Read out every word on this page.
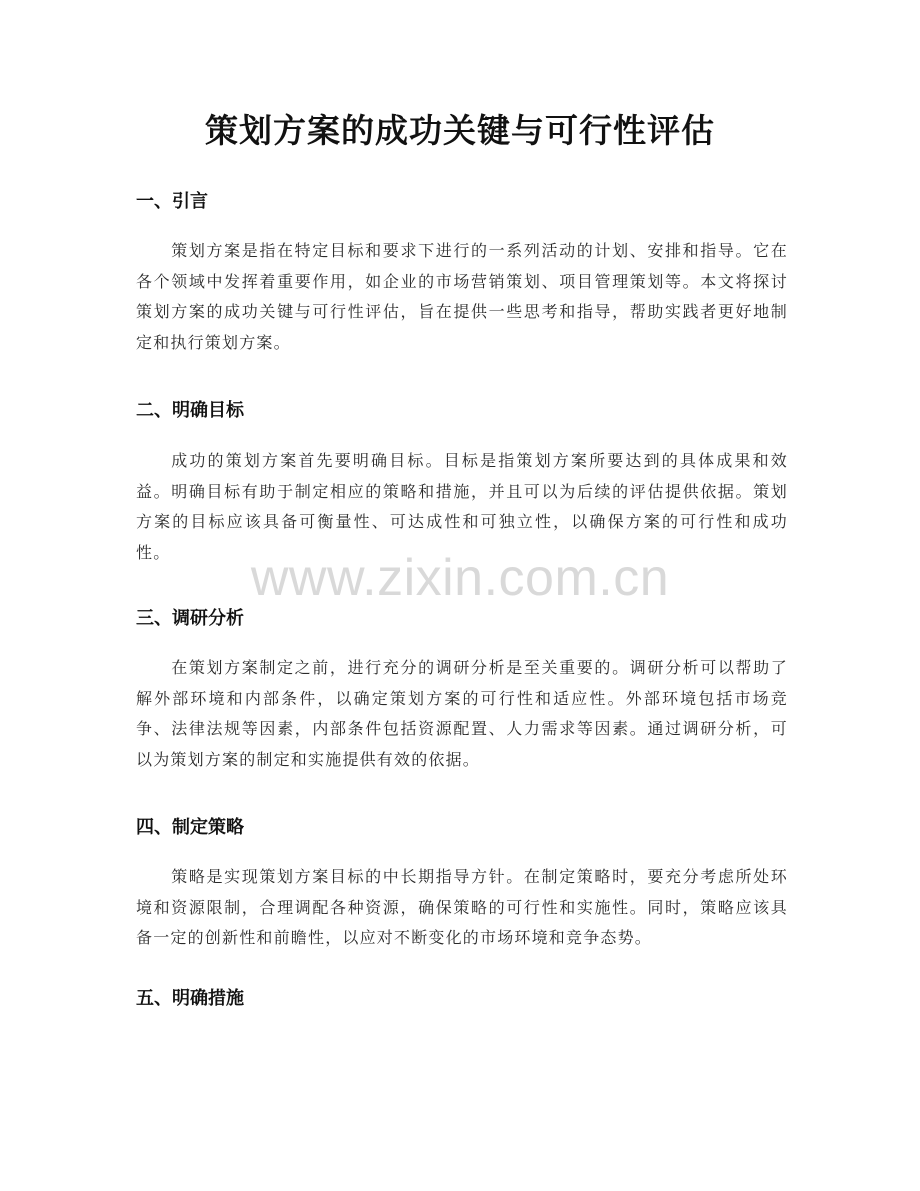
www.zixin.com.cn
策划方案的成功关键与可行性评估
一、引言

策划方案是指在特定目标和要求下进行的一系列活动的计划、安排和指导。它在各个领域中发挥着重要作用，如企业的市场营销策划、项目管理策划等。本文将探讨策划方案的成功关键与可行性评估，旨在提供一些思考和指导，帮助实践者更好地制定和执行策划方案。

二、明确目标

成功的策划方案首先要明确目标。目标是指策划方案所要达到的具体成果和效益。明确目标有助于制定相应的策略和措施，并且可以为后续的评估提供依据。策划方案的目标应该具备可衡量性、可达成性和可独立性，以确保方案的可行性和成功性。

三、调研分析

在策划方案制定之前，进行充分的调研分析是至关重要的。调研分析可以帮助了解外部环境和内部条件，以确定策划方案的可行性和适应性。外部环境包括市场竞争、法律法规等因素，内部条件包括资源配置、人力需求等因素。通过调研分析，可以为策划方案的制定和实施提供有效的依据。

四、制定策略

策略是实现策划方案目标的中长期指导方针。在制定策略时，要充分考虑所处环境和资源限制，合理调配各种资源，确保策略的可行性和实施性。同时，策略应该具备一定的创新性和前瞻性，以应对不断变化的市场环境和竞争态势。

五、明确措施
